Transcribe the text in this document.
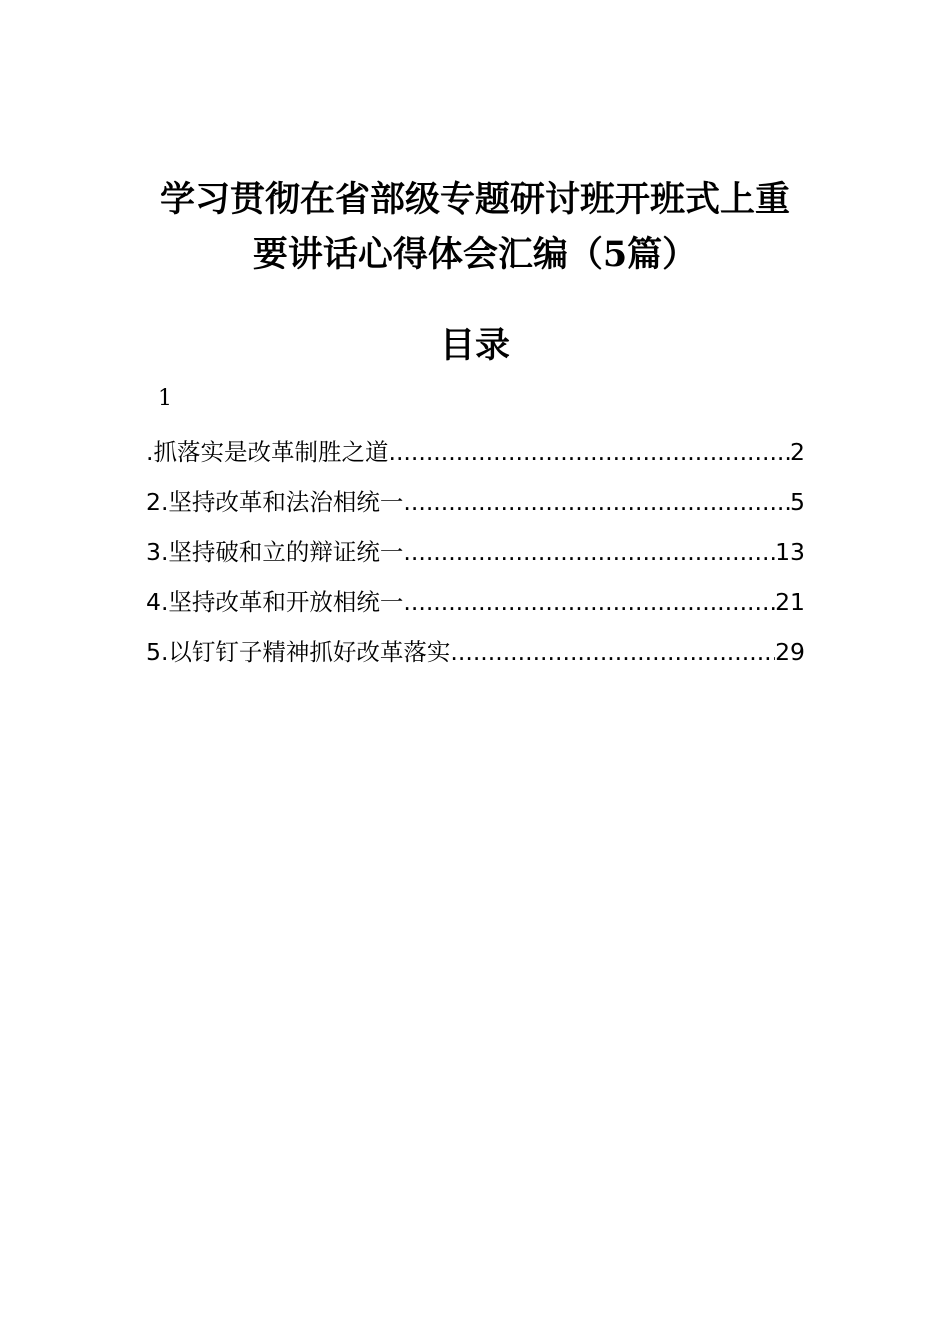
学习贯彻在省部级专题研讨班开班式上重
要讲话心得体会汇编（5篇）
目录
1
.抓落实是改革制胜之道 .....	2
2.坚持改革和法治相统一 .....	5
3.坚持破和立的辩证统一 .....	13
4.坚持改革和开放相统一 .....	21
5.以钉钉子精神抓好改革落实 .....	29
